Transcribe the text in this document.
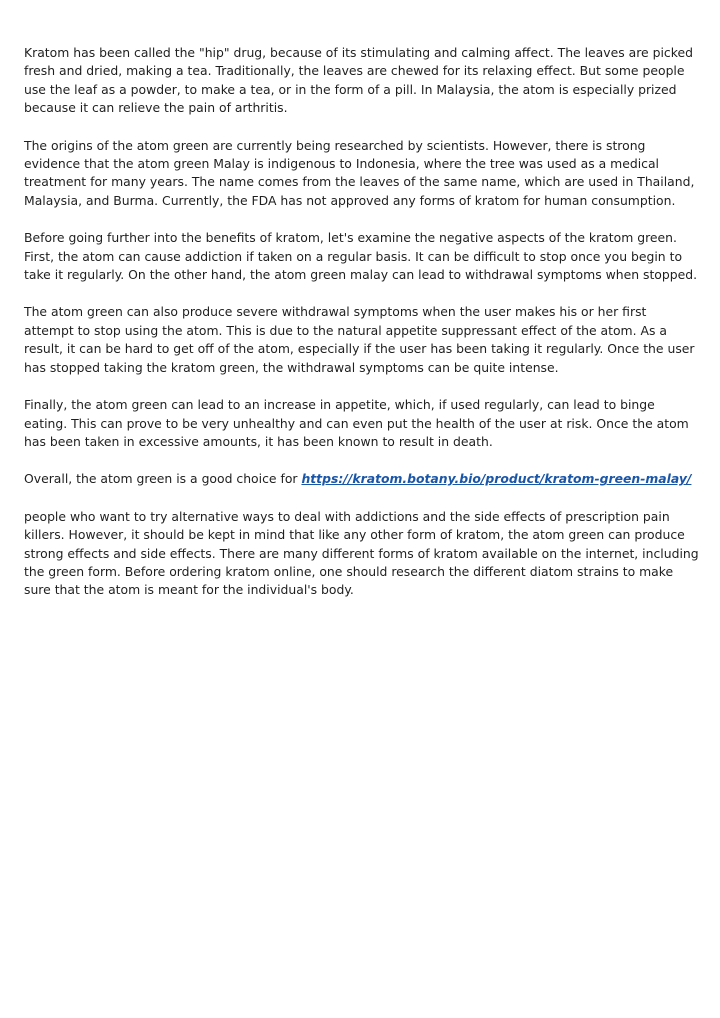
Kratom has been called the "hip" drug, because of its stimulating and calming affect. The leaves are picked fresh and dried, making a tea. Traditionally, the leaves are chewed for its relaxing effect. But some people use the leaf as a powder, to make a tea, or in the form of a pill. In Malaysia, the atom is especially prized because it can relieve the pain of arthritis.

The origins of the atom green are currently being researched by scientists. However, there is strong evidence that the atom green Malay is indigenous to Indonesia, where the tree was used as a medical treatment for many years. The name comes from the leaves of the same name, which are used in Thailand, Malaysia, and Burma. Currently, the FDA has not approved any forms of kratom for human consumption.

Before going further into the benefits of kratom, let's examine the negative aspects of the kratom green. First, the atom can cause addiction if taken on a regular basis. It can be difficult to stop once you begin to take it regularly. On the other hand, the atom green malay can lead to withdrawal symptoms when stopped.

The atom green can also produce severe withdrawal symptoms when the user makes his or her first attempt to stop using the atom. This is due to the natural appetite suppressant effect of the atom. As a result, it can be hard to get off of the atom, especially if the user has been taking it regularly. Once the user has stopped taking the kratom green, the withdrawal symptoms can be quite intense.

Finally, the atom green can lead to an increase in appetite, which, if used regularly, can lead to binge eating. This can prove to be very unhealthy and can even put the health of the user at risk. Once the atom has been taken in excessive amounts, it has been known to result in death.

Overall, the atom green is a good choice for https://kratom.botany.bio/product/kratom-green-malay/

people who want to try alternative ways to deal with addictions and the side effects of prescription pain killers. However, it should be kept in mind that like any other form of kratom, the atom green can produce strong effects and side effects. There are many different forms of kratom available on the internet, including the green form. Before ordering kratom online, one should research the different diatom strains to make sure that the atom is meant for the individual's body.
